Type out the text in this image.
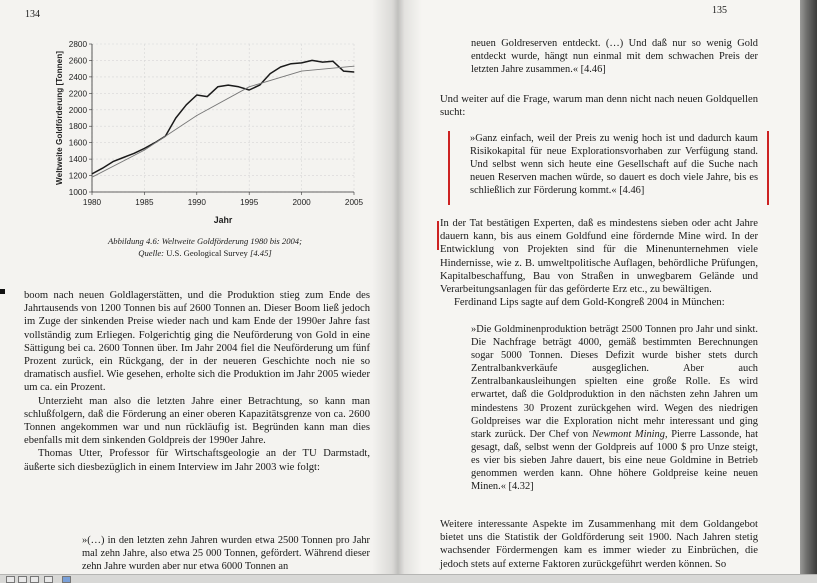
134
1000
1200
1400
1600
1800
2000
2200
2400
2600
2800
1980	1985	1990	1995	2000	2005
Jahr
Weltweite Goldförderung [Tonnen]
Abbildung 4.6: Weltweite Goldförderung 1980 bis 2004;
Quelle: U.S. Geological Survey [4.45]

boom nach neuen Goldlagerstätten, und die Produktion stieg zum Ende des Jahrtausends von 1200 Tonnen bis auf 2600 Tonnen an. Dieser Boom ließ jedoch im Zuge der sinkenden Preise wieder nach und kam Ende der 1990er Jahre fast vollständig zum Erliegen. Folgerichtig ging die Neuförderung von Gold in eine Sättigung bei ca. 2600 Tonnen über. Im Jahr 2004 fiel die Neuförderung um fünf Prozent zurück, ein Rückgang, der in der neueren Geschichte noch nie so dramatisch ausfiel. Wie gesehen, erholte sich die Produktion im Jahr 2005 wieder um ca. ein Prozent.

Unterzieht man also die letzten Jahre einer Betrachtung, so kann man schlußfolgern, daß die Förderung an einer oberen Kapazitätsgrenze von ca. 2600 Tonnen angekommen war und nun rückläufig ist. Begründen kann man dies ebenfalls mit dem sinkenden Goldpreis der 1990er Jahre.

Thomas Utter, Professor für Wirtschaftsgeologie an der TU Darmstadt, äußerte sich diesbezüglich in einem Interview im Jahr 2003 wie folgt:

»(…) in den letzten zehn Jahren wurden etwa 2500 Tonnen pro Jahr mal zehn Jahre, also etwa 25 000 Tonnen, gefördert. Während dieser zehn Jahre wurden aber nur etwa 6000 Tonnen an
135
neuen Goldreserven entdeckt. (…) Und daß nur so wenig Gold entdeckt wurde, hängt nun einmal mit dem schwachen Preis der letzten Jahre zusammen.« [4.46]
Und weiter auf die Frage, warum man denn nicht nach neuen Goldquellen sucht:
»Ganz einfach, weil der Preis zu wenig hoch ist und dadurch kaum Risikokapital für neue Explorationsvorhaben zur Verfügung stand. Und selbst wenn sich heute eine Gesellschaft auf die Suche nach neuen Reserven machen würde, so dauert es doch viele Jahre, bis es schließlich zur Förderung kommt.« [4.46]

In der Tat bestätigen Experten, daß es mindestens sieben oder acht Jahre dauern kann, bis aus einem Goldfund eine fördernde Mine wird. In der Entwicklung von Projekten sind für die Minenunternehmen viele Hindernisse, wie z. B. umweltpolitische Auflagen, behördliche Prüfungen, Kapitalbeschaffung, Bau von Straßen in unwegbarem Gelände und Verarbeitungsanlagen für das geförderte Erz etc., zu bewältigen.

Ferdinand Lips sagte auf dem Gold-Kongreß 2004 in München:

»Die Goldminenproduktion beträgt 2500 Tonnen pro Jahr und sinkt. Die Nachfrage beträgt 4000, gemäß bestimmten Berechnungen sogar 5000 Tonnen. Dieses Defizit wurde bisher stets durch Zentralbankverkäufe ausgeglichen. Aber auch Zentralbankausleihungen spielten eine große Rolle. Es wird erwartet, daß die Goldproduktion in den nächsten zehn Jahren um mindestens 30 Prozent zurückgehen wird. Wegen des niedrigen Goldpreises war die Exploration nicht mehr interessant und ging stark zurück. Der Chef von Newmont Mining, Pierre Lassonde, hat gesagt, daß, selbst wenn der Goldpreis auf 1000 $ pro Unze steigt, es vier bis sieben Jahre dauert, bis eine neue Goldmine in Betrieb genommen werden kann. Ohne höhere Goldpreise keine neuen Minen.« [4.32]
Weitere interessante Aspekte im Zusammenhang mit dem Goldangebot bietet uns die Statistik der Goldförderung seit 1900. Nach Jahren stetig wachsender Fördermengen kam es immer wieder zu Einbrüchen, die jedoch stets auf externe Faktoren zurückgeführt werden können. So
